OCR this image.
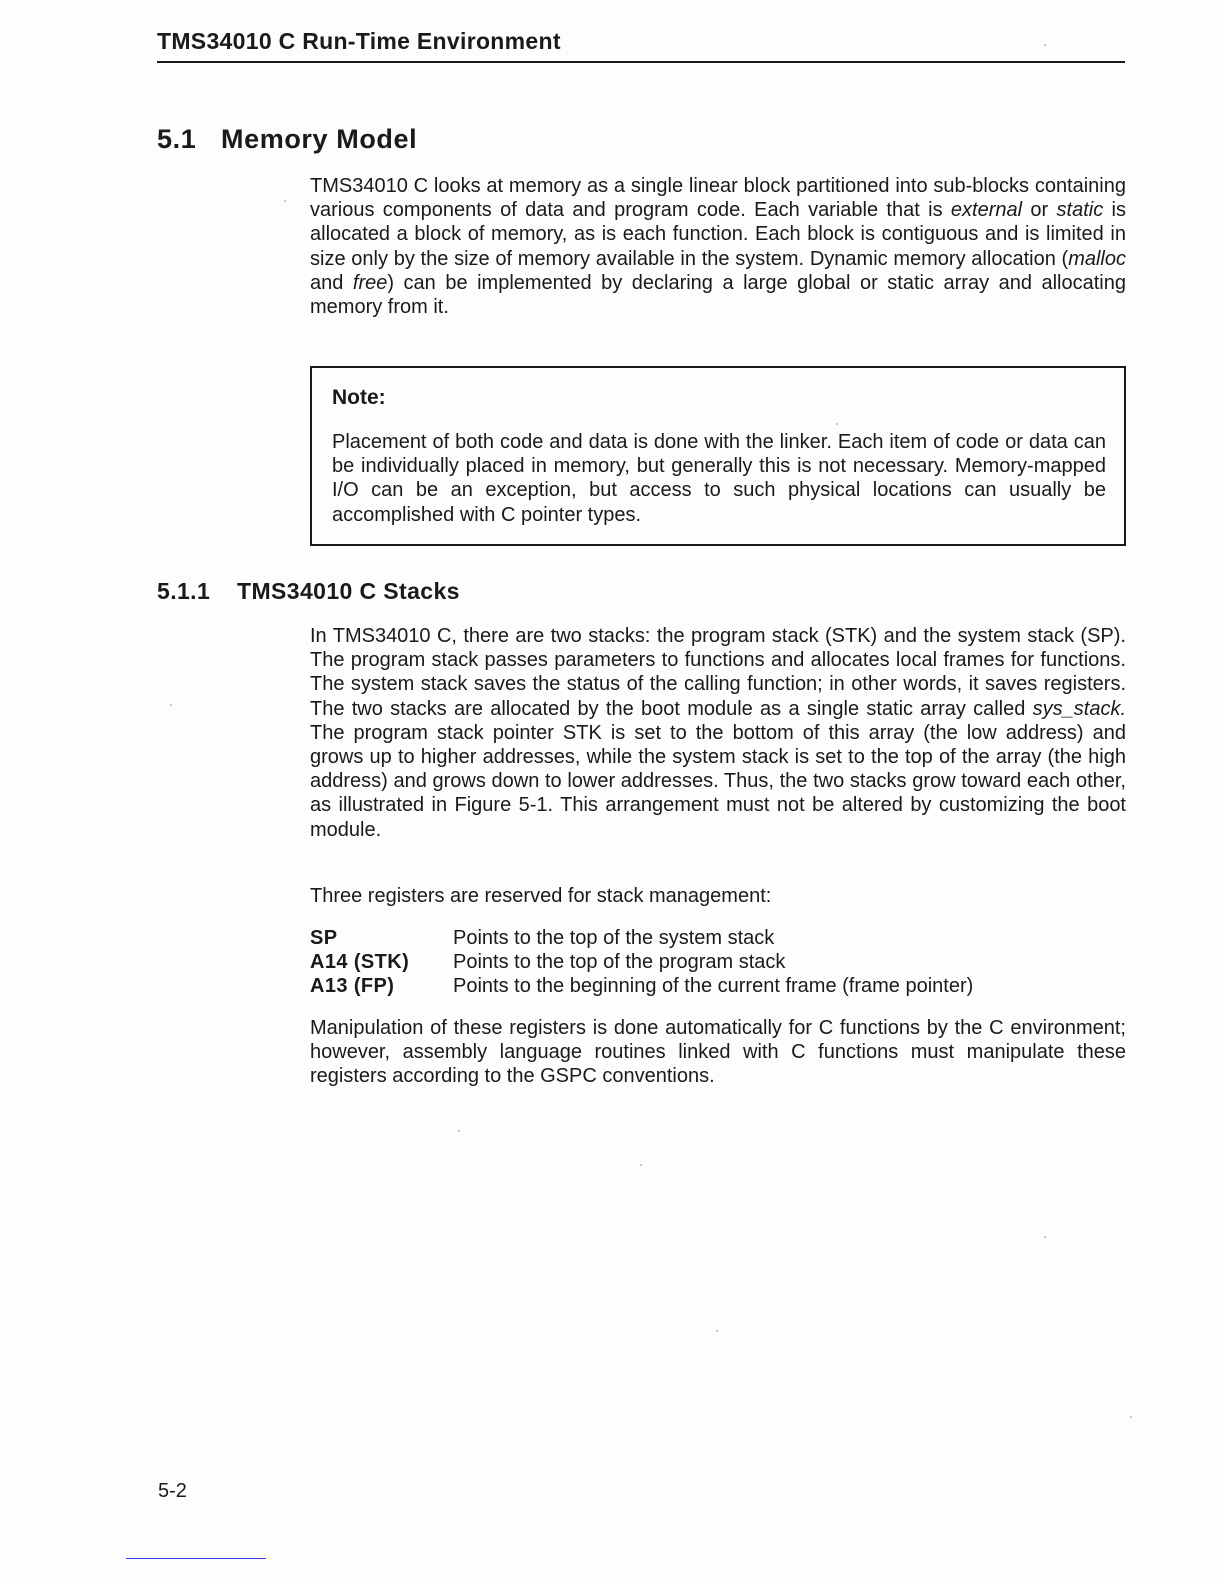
TMS34010 C Run-Time Environment
5.1 Memory Model

TMS34010 C looks at memory as a single linear block partitioned into sub-blocks containing various components of data and program code. Each variable that is external or static is allocated a block of memory, as is each function. Each block is contiguous and is limited in size only by the size of memory available in the system. Dynamic memory allocation (malloc and free) can be implemented by declaring a large global or static array and allocating memory from it.

Note:

Placement of both code and data is done with the linker. Each item of code or data can be individually placed in memory, but generally this is not necessary. Memory-mapped I/O can be an exception, but access to such physical locations can usually be accomplished with C pointer types.

5.1.1 TMS34010 C Stacks

In TMS34010 C, there are two stacks: the program stack (STK) and the system stack (SP). The program stack passes parameters to functions and allocates local frames for functions. The system stack saves the status of the calling function; in other words, it saves registers. The two stacks are allocated by the boot module as a single static array called sys_stack. The program stack pointer STK is set to the bottom of this array (the low address) and grows up to higher addresses, while the system stack is set to the top of the array (the high address) and grows down to lower addresses. Thus, the two stacks grow toward each other, as illustrated in Figure 5-1. This arrangement must not be altered by customizing the boot module.

Three registers are reserved for stack management:

SP	Points to the top of the system stack
A14 (STK) Points to the top of the program stack
A13 (FP)	Points to the beginning of the current frame (frame pointer)

Manipulation of these registers is done automatically for C functions by the C environment; however, assembly language routines linked with C functions must manipulate these registers according to the GSPC conventions.

5-2
